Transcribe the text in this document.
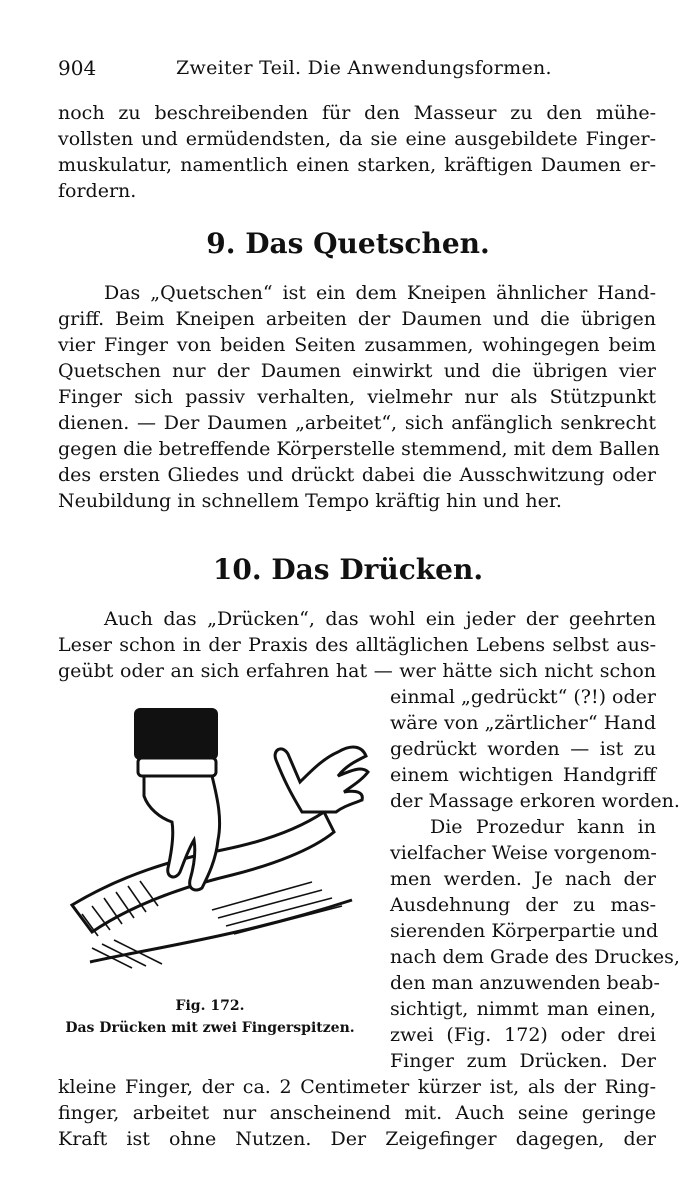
904	Zweiter Teil. Die Anwendungsformen.
noch zu beschreibenden für den Masseur zu den mühe-
vollsten und ermüdendsten, da sie eine ausgebildete Finger-
muskulatur, namentlich einen starken, kräftigen Daumen er-
fordern.
9. Das Quetschen.
Das „Quetschen“ ist ein dem Kneipen ähnlicher Hand-
griff. Beim Kneipen arbeiten der Daumen und die übrigen
vier Finger von beiden Seiten zusammen, wohingegen beim
Quetschen nur der Daumen einwirkt und die übrigen vier
Finger sich passiv verhalten, vielmehr nur als Stützpunkt
dienen. — Der Daumen „arbeitet“, sich anfänglich senkrecht
gegen die betreffende Körperstelle stemmend, mit dem Ballen
des ersten Gliedes und drückt dabei die Ausschwitzung oder
Neubildung in schnellem Tempo kräftig hin und her.
10. Das Drücken.
Auch das „Drücken“, das wohl ein jeder der geehrten
Leser schon in der Praxis des alltäglichen Lebens selbst aus-
geübt oder an sich erfahren hat — wer hätte sich nicht schon
einmal „gedrückt“ (?!) oder
wäre von „zärtlicher“ Hand
gedrückt worden — ist zu
einem wichtigen Handgriff
der Massage erkoren worden.
Die Prozedur kann in
vielfacher Weise vorgenom-
men werden. Je nach der
Ausdehnung der zu mas-
sierenden Körperpartie und
nach dem Grade des Druckes,
den man anzuwenden beab-
sichtigt, nimmt man einen,
zwei (Fig. 172) oder drei
Finger zum Drücken. Der
kleine Finger, der ca. 2 Centimeter kürzer ist, als der Ring-
finger, arbeitet nur anscheinend mit. Auch seine geringe
Kraft ist ohne Nutzen. Der Zeigefinger dagegen, der
Fig. 172.
Das Drücken mit zwei Fingerspitzen.
